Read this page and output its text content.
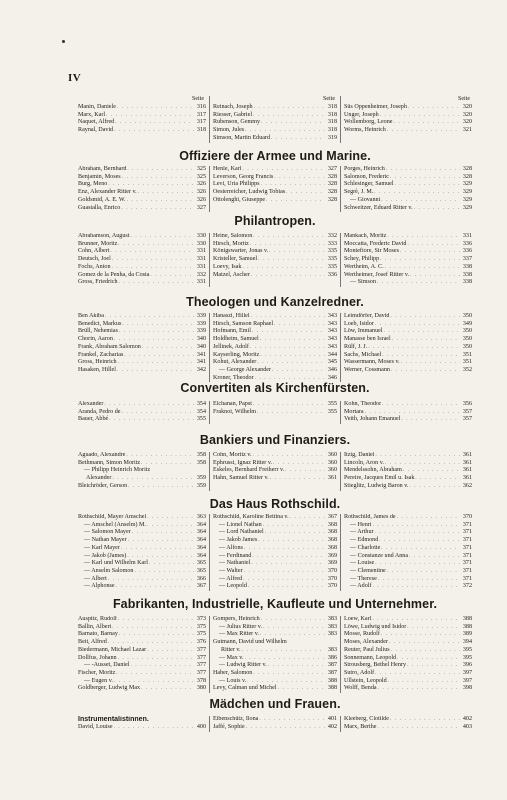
IV
Seite
Manin, Daniele . . .	316
Marx, Karl . . .	317
Naquet, Alfred . . .	317
Raynal, David . . .	318
Seite
Reinach, Joseph . . .	318
Riesser, Gabriel . . .	318
Rubenson, Gemmy . . .	318
Simon, Jules . . .	318
Simson, Martin Eduard . . .	319
Seite
Süs Oppenheimer, Joseph . . .	320
Unger, Joseph . . .	320
Wollemborg, Leone . . .	320
Worms, Heinrich . . .	321
Offiziere der Armee und Marine.
Abraham, Bernhard . . .	325
Benjamin, Moses . . .	325
Burg, Meno . . .	326
Enz, Alexander Ritter v. . . .	326
Goldsmid, A. E. W. . . .	326
Guastalla, Enrico . . .	327
Henle, Karl . . .	327
Leverson, Georg Francis . . .	328
Levi, Uria Philipps . . .	328
Oesterreicher, Ludwig Tobias . . .	328
Ottolenghi, Giuseppe . . .	328
Porges, Heinrich . . .	328
Salomon, Frederic . . .	328
Schlesinger, Samuel . . .	329
Segrè, J. M. . . .	329
— Giovanni . . .	329
Schweitzer, Eduard Ritter v. . . .	329
Philantropen.
Abrahamson, August . . .	330
Brunner, Moritz . . .	330
Cohn, Albert . . .	331
Deutsch, Joel . . .	331
Fochs, Anton . . .	331
Gomez de la Penha, da Costa . . .	332
Gross, Friedrich . . .	331
Heine, Salomon . . .	332
Hirsch, Moritz . . .	333
Königswarter, Jonas v. . . .	335
Kristeller, Samuel . . .	335
Loevy, Isak . . .	335
Matzel, Ascher . . .	336
Mankach, Moritz . . .	331
Moccatta, Frederic David . . .	336
Montefiore, Sir Moses . . .	336
Schey, Philipp . . .	337
Wertheim, A. C. . . .	338
Wertheimer, Josef Ritter v. . . .	338
— Simson . . .	338
Theologen und Kanzelredner.
Ben Akiba . . .	339
Benedict, Markus . . .	339
Brüll, Nehemias . . .	339
Chorin, Aaron . . .	340
Frank, Abraham Salomon . . .	340
Frankel, Zacharias . . .	341
Gross, Heinrich . . .	341
Hasaken, Hillel . . .	342
Hanaszi, Hillel . . .	343
Hirsch, Samson Raphael . . .	343
Hofmann, Emil . . .	343
Holdheim, Samuel . . .	343
Jellinek, Adolf . . .	343
Kayserling, Moritz . . .	344
Kohut, Alexander . . .	345
— George Alexander . . .	346
Kroner, Theodor . . .	346
Leimdörfer, David . . .	350
Loeb, Isidor . . .	349
Löw, Immanuel . . .	350
Manasse ben Israel . . .	350
Rülf, J. J. . . .	350
Sachs, Michael . . .	351
Wassermann, Moses v. . . .	351
Werner, Cossmann . . .	352
Convertiten als Kirchenfürsten.
Alexander . . .	354
Aranda, Pedro de . . .	354
Bauer, Abbé . . .	355
Elchanan, Papst . . .	355
Fraknoi, Wilhelm . . .	355
Kohn, Theodor . . .	356
Mortara . . .	357
Veith, Johann Emanuel . . .	357
Bankiers und Finanziers.
Aguado, Alexandre . . .	358
Bethmann, Simon Moritz . . .	358
— Philipp Heinrich Moritz
Alexander . . .	359
Bleichröder, Gerson . . .	359
Cohn, Moritz v. . . .	360
Ephrussi, Ignaz Ritter v. . . .	360
Eskeles, Bernhard Freiherr v. . . .	360
Hahn, Samuel Ritter v. . . .	361
Itzig, Daniel . . .	361
Lincoln, Aron v. . . .	361
Mendelssohn, Abraham . . .	361
Pereire, Jacques Emil u. Isak . . .	361
Stieglitz, Ludwig Baron v. . . .	362
Das Haus Rothschild.
Rothschild, Mayer Amschel . . .	363
— Amschel (Anselm) M. . . .	364
— Salomon Mayer . . .	364
— Nathan Mayer . . .	364
— Karl Mayer . . .	364
— Jakob (James) . . .	364
— Karl und Wilhelm Karl . . .	365
— Anselm Salomon . . .	365
— Albert . . .	366
— Alphonse . . .	367
Rothschild, Karoline Bettina v. . . .	367
— Lionel Nathan . . .	368
— Lord Nathaniel . . .	368
— Jakob James . . .	368
— Alfons . . .	368
— Ferdinand . . .	369
— Nathaniel . . .	369
— Walter . . .	370
— Alfred . . .	370
— Leopold . . .	370
Rothschild, James de . . .	370
— Henri . . .	371
— Arthur . . .	371
— Edmond . . .	371
— Charlotte . . .	371
— Constanze und Anna . . .	371
— Louise . . .	371
— Clementine . . .	371
— Therese . . .	371
— Adolf . . .	372
Fabrikanten, Industrielle, Kaufleute und Unternehmer.
Auspitz, Rudolf . . .	373
Ballin, Albert . . .	375
Barnato, Barnay . . .	375
Beit, Alfred . . .	376
Biedermann, Michael Lazar . . .	377
Dollfus, Johann . . .	377
— -Ausset, Daniel . . .	377
Fischer, Moritz . . .	377
— Eugen v. . . .	378
Goldberger, Ludwig Max . . .	380
Gompers, Heinrich . . .	383
— Julius Ritter v. . . .	383
— Max Ritter v. . . .	383
Gutmann, David und Wilhelm
Ritter v. . . .	383
— Max v. . . .	386
— Ludwig Ritter v. . . .	387
Haber, Salomon . . .	387
— Louis v. . . .	388
Levy, Calman und Michel . . .	388
Loew, Karl . . .	388
Löwe, Ludwig und Isidor . . .	388
Mosse, Rudolf . . .	389
Moses, Alexander . . .	394
Reuter, Paul Julius . . .	395
Sonnemann, Leopold . . .	395
Strousberg, Bethel Henry . . .	396
Sutro, Adolf . . .	397
Ullstein, Leopold . . .	397
Wolff, Benda . . .	398
Mädchen und Frauen.
Instrumentalistinnen.
David, Louise . . .	400
Eibenschütz, Ilona . . .	401
Jaffé, Sophie . . .	402
Kleeberg, Clotilde . . .	402
Marx, Berthe . . .	403
